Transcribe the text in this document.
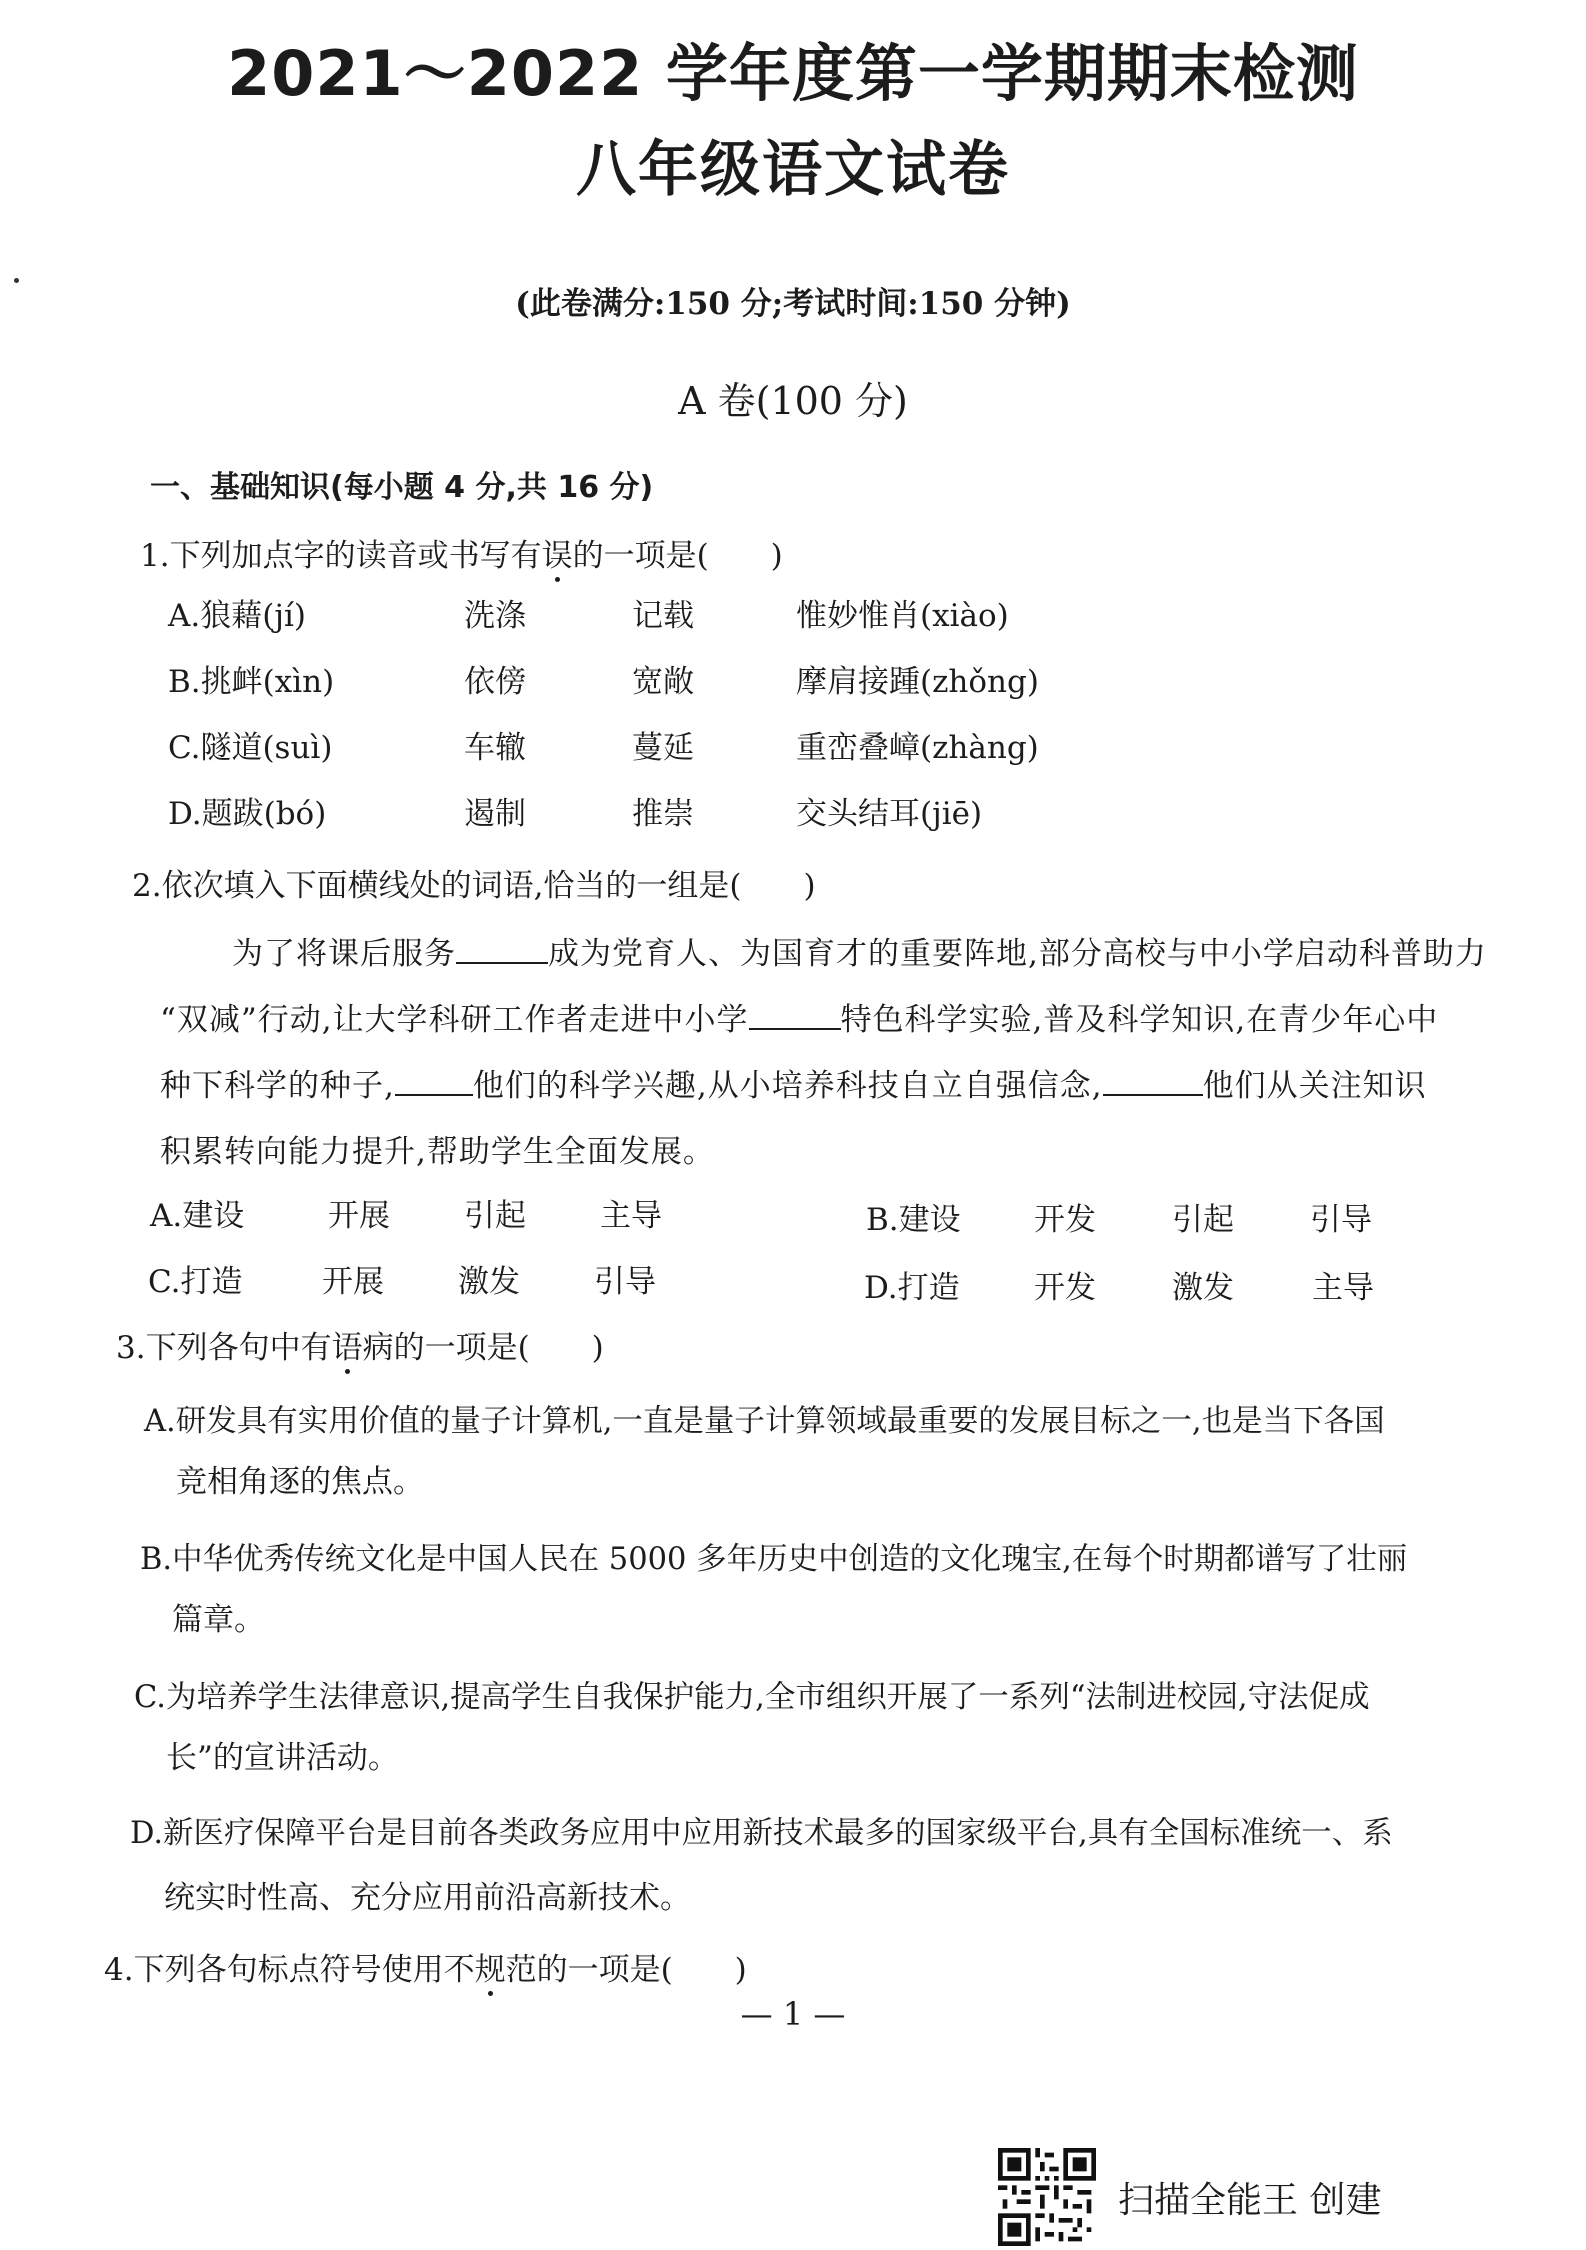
2021～2022 学年度第一学期期末检测
八年级语文试卷
(此卷满分:150 分;考试时间:150 分钟)
A 卷(100 分)
一、基础知识(每小题 4 分,共 16 分)
1.下列加点字的读音或书写有误的一项是(　　)
A.狼藉(jí)	洗涤	记载	惟妙惟肖(xiào)
B.挑衅(xìn)	依傍	宽敞	摩肩接踵(zhǒng)
C.隧道(suì)	车辙	蔓延	重峦叠嶂(zhàng)
D.题跋(bó)	遏制	推崇	交头结耳(jiē)
2.依次填入下面横线处的词语,恰当的一组是(　　)
为了将课后服务	成为党育人、为国育才的重要阵地,部分高校与中小学启动科普助力
“双减”行动,让大学科研工作者走进中小学	特色科学实验,普及科学知识,在青少年心中
种下科学的种子,	他们的科学兴趣,从小培养科技自立自强信念,	他们从关注知识
积累转向能力提升,帮助学生全面发展。
A.建设	开展 引起 主导	B.建设 开发 引起 引导
C.打造	开展 激发 引导	D.打造 开发 激发	主导
3.下列各句中有语病的一项是(　　)
A.研发具有实用价值的量子计算机,一直是量子计算领域最重要的发展目标之一,也是当下各国
竞相角逐的焦点。
B.中华优秀传统文化是中国人民在 5000 多年历史中创造的文化瑰宝,在每个时期都谱写了壮丽
篇章。
C.为培养学生法律意识,提高学生自我保护能力,全市组织开展了一系列“法制进校园,守法促成
长”的宣讲活动。
D.新医疗保障平台是目前各类政务应用中应用新技术最多的国家级平台,具有全国标准统一、系
统实时性高、充分应用前沿高新技术。
4.下列各句标点符号使用不规范的一项是(　　)
— 1 —
扫描全能王 创建
